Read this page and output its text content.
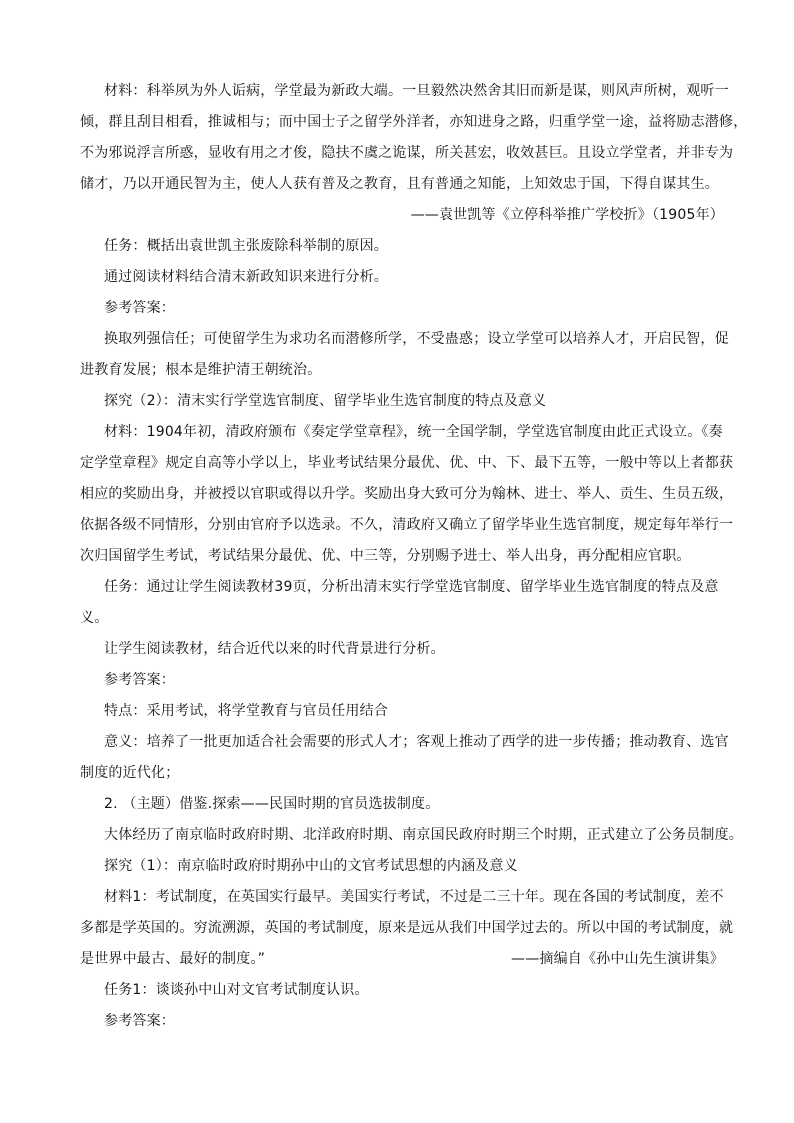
材料：科举夙为外人诟病，学堂最为新政大端。一旦毅然决然舍其旧而新是谋，则风声所树，观听一
倾，群且刮目相看，推诚相与；而中国士子之留学外洋者，亦知进身之路，归重学堂一途，益将励志潜修，
不为邪说浮言所惑，显收有用之才俊，隐扶不虞之诡谋，所关甚宏，收效甚巨。且设立学堂者，并非专为
储才，乃以开通民智为主，使人人获有普及之教育，且有普通之知能，上知效忠于国，下得自谋其生。
——袁世凯等《立停科举推广学校折》（1905年）
任务：概括出袁世凯主张废除科举制的原因。
通过阅读材料结合清末新政知识来进行分析。
参考答案：
换取列强信任；可使留学生为求功名而潜修所学，不受蛊惑；设立学堂可以培养人才，开启民智，促
进教育发展；根本是维护清王朝统治。
探究（2）：清末实行学堂选官制度、留学毕业生选官制度的特点及意义
材料：1904年初，清政府颁布《奏定学堂章程》，统一全国学制，学堂选官制度由此正式设立。《奏
定学堂章程》规定自高等小学以上，毕业考试结果分最优、优、中、下、最下五等，一般中等以上者都获
相应的奖励出身，并被授以官职或得以升学。奖励出身大致可分为翰林、进士、举人、贡生、生员五级，
依据各级不同情形，分别由官府予以选录。不久，清政府又确立了留学毕业生选官制度，规定每年举行一
次归国留学生考试，考试结果分最优、优、中三等，分别赐予进士、举人出身，再分配相应官职。
任务：通过让学生阅读教材39页，分析出清末实行学堂选官制度、留学毕业生选官制度的特点及意
义。
让学生阅读教材，结合近代以来的时代背景进行分析。
参考答案：
特点：采用考试，将学堂教育与官员任用结合
意义：培养了一批更加适合社会需要的形式人才；客观上推动了西学的进一步传播；推动教育、选官
制度的近代化；
2. （主题）借鉴.探索——民国时期的官员选拔制度。
大体经历了南京临时政府时期、北洋政府时期、南京国民政府时期三个时期，正式建立了公务员制度。
探究（1）：南京临时政府时期孙中山的文官考试思想的内涵及意义
材料1：考试制度，在英国实行最早。美国实行考试，不过是二三十年。现在各国的考试制度，差不
多都是学英国的。穷流溯源，英国的考试制度，原来是远从我们中国学过去的。所以中国的考试制度，就
是世界中最古、最好的制度。”	——摘编自《孙中山先生演讲集》
任务1：谈谈孙中山对文官考试制度认识。
参考答案：
